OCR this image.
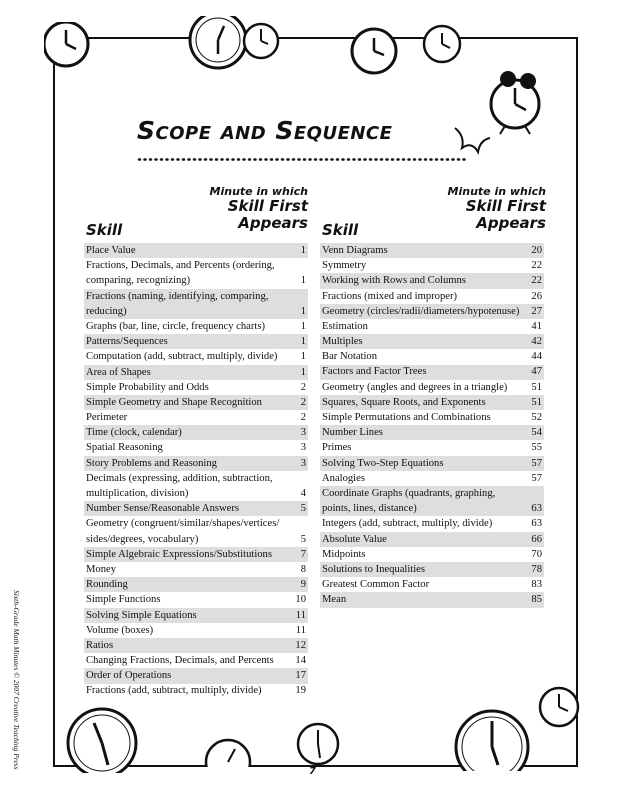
Scope and Sequence
Minute in which
Skill First
Appears
Skill
Minute in which
Skill First
Appears
Skill
Place Value	1
Fractions, Decimals, and Percents (ordering, comparing, recognizing)	1
Fractions (naming, identifying, comparing, reducing)	1
Graphs (bar, line, circle, frequency charts)	1
Patterns/Sequences	1
Computation (add, subtract, multiply, divide)	1
Area of Shapes	1
Simple Probability and Odds	2
Simple Geometry and Shape Recognition	2
Perimeter	2
Time (clock, calendar)	3
Spatial Reasoning	3
Story Problems and Reasoning	3
Decimals (expressing, addition, subtraction, multiplication, division)	4
Number Sense/Reasonable Answers	5
Geometry (congruent/similar/shapes/vertices/ sides/degrees, vocabulary)	5
Simple Algebraic Expressions/Substitutions	7
Money	8
Rounding	9
Simple Functions	10
Solving Simple Equations	11
Volume (boxes)	11
Ratios	12
Changing Fractions, Decimals, and Percents	14
Order of Operations	17
Fractions (add, subtract, multiply, divide)	19
Venn Diagrams	20
Symmetry	22
Working with Rows and Columns	22
Fractions (mixed and improper)	26
Geometry (circles/radii/diameters/hypotenuse)	27
Estimation	41
Multiples	42
Bar Notation	44
Factors and Factor Trees	47
Geometry (angles and degrees in a triangle)	51
Squares, Square Roots, and Exponents	51
Simple Permutations and Combinations	52
Number Lines	54
Primes	55
Solving Two-Step Equations	57
Analogies	57
Coordinate Graphs (quadrants, graphing, points, lines, distance)	63
Integers (add, subtract, multiply, divide)	63
Absolute Value	66
Midpoints	70
Solutions to Inequalities	78
Greatest Common Factor	83
Mean	85
Sixth-Grade Math Minutes © 2007 Creative Teaching Press
7
